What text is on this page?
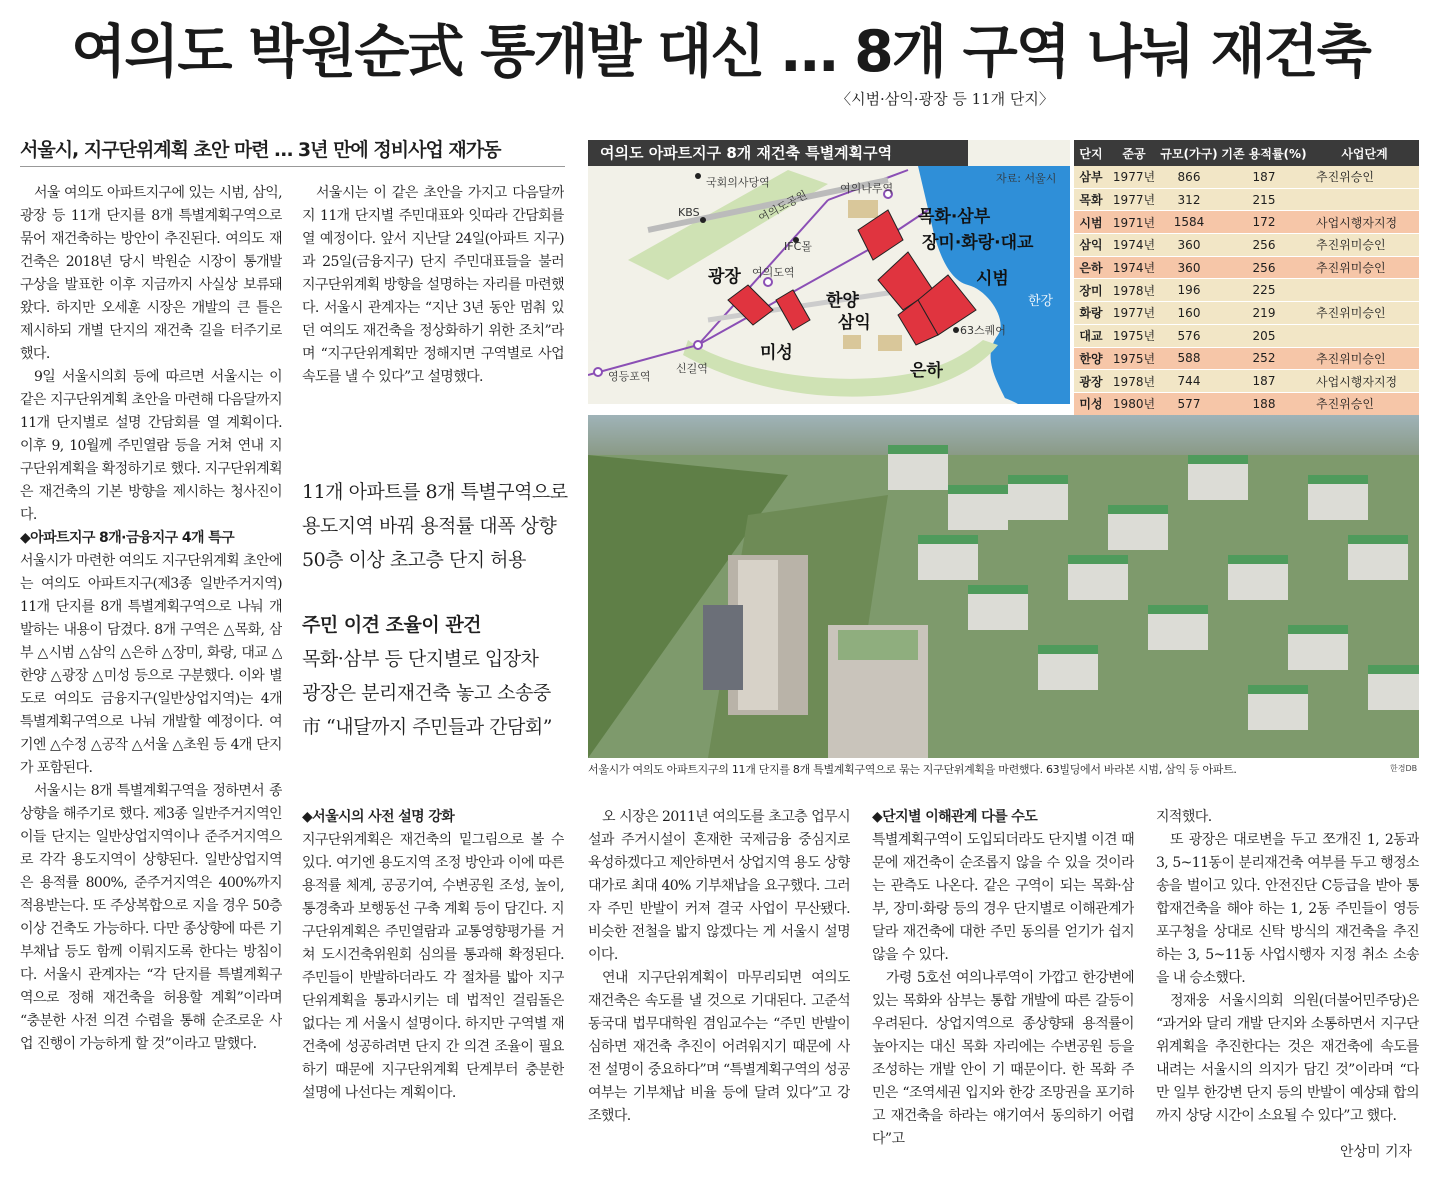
여의도 박원순式 통개발 대신 … 8개 구역 나눠 재건축
〈시범·삼익·광장 등 11개 단지〉
서울시, 지구단위계획 초안 마련 … 3년 만에 정비사업 재가동

서울 여의도 아파트지구에 있는 시범, 삼익, 광장 등 11개 단지를 8개 특별계획구역으로 묶어 재건축하는 방안이 추진된다. 여의도 재건축은 2018년 당시 박원순 시장이 통개발 구상을 발표한 이후 지금까지 사실상 보류돼 왔다. 하지만 오세훈 시장은 개발의 큰 틀은 제시하되 개별 단지의 재건축 길을 터주기로 했다.

9일 서울시의회 등에 따르면 서울시는 이 같은 지구단위계획 초안을 마련해 다음달까지 11개 단지별로 설명 간담회를 열 계획이다. 이후 9, 10월께 주민열람 등을 거쳐 연내 지구단위계획을 확정하기로 했다. 지구단위계획은 재건축의 기본 방향을 제시하는 청사진이다.

◆아파트지구 8개·금융지구 4개 특구

서울시가 마련한 여의도 지구단위계획 초안에는 여의도 아파트지구(제3종 일반주거지역) 11개 단지를 8개 특별계획구역으로 나눠 개발하는 내용이 담겼다. 8개 구역은 △목화, 삼부 △시범 △삼익 △은하 △장미, 화랑, 대교 △한양 △광장 △미성 등으로 구분했다. 이와 별도로 여의도 금융지구(일반상업지역)는 4개 특별계획구역으로 나눠 개발할 예정이다. 여기엔 △수정 △공작 △서울 △초원 등 4개 단지가 포함된다.

서울시는 8개 특별계획구역을 정하면서 종상향을 해주기로 했다. 제3종 일반주거지역인 이들 단지는 일반상업지역이나 준주거지역으로 각각 용도지역이 상향된다. 일반상업지역은 용적률 800%, 준주거지역은 400%까지 적용받는다. 또 주상복합으로 지을 경우 50층 이상 건축도 가능하다. 다만 종상향에 따른 기부채납 등도 함께 이뤄지도록 한다는 방침이다. 서울시 관계자는 “각 단지를 특별계획구역으로 정해 재건축을 허용할 계획”이라며 “충분한 사전 의견 수렴을 통해 순조로운 사업 진행이 가능하게 할 것”이라고 말했다.

서울시는 이 같은 초안을 가지고 다음달까지 11개 단지별 주민대표와 잇따라 간담회를 열 예정이다. 앞서 지난달 24일(아파트 지구)과 25일(금융지구) 단지 주민대표들을 불러 지구단위계획 방향을 설명하는 자리를 마련했다. 서울시 관계자는 “지난 3년 동안 멈춰 있던 여의도 재건축을 정상화하기 위한 조치”라며 “지구단위계획만 정해지면 구역별로 사업 속도를 낼 수 있다”고 설명했다.

11개 아파트를 8개 특별구역으로
용도지역 바꿔 용적률 대폭 상향
50층 이상 초고층 단지 허용
주민 이견 조율이 관건
목화·삼부 등 단지별로 입장차
광장은 분리재건축 놓고 소송중
市 “내달까지 주민들과 간담회”

◆서울시의 사전 설명 강화

지구단위계획은 재건축의 밑그림으로 볼 수 있다. 여기엔 용도지역 조정 방안과 이에 따른 용적률 체계, 공공기여, 수변공원 조성, 높이, 통경축과 보행동선 구축 계획 등이 담긴다. 지구단위계획은 주민열람과 교통영향평가를 거쳐 도시건축위원회 심의를 통과해 확정된다. 주민들이 반발하더라도 각 절차를 밟아 지구단위계획을 통과시키는 데 법적인 걸림돌은 없다는 게 서울시 설명이다. 하지만 구역별 재건축에 성공하려면 단지 간 의견 조율이 필요하기 때문에 지구단위계획 단계부터 충분한 설명에 나선다는 계획이다.

국회의사당역
KBS	여의도공원
IFC몰
여의나루역
여의도역
신길역
영등포역
한강
63스퀘어
자료: 서울시
목화·삼부
장미·화랑·대교
시범
광장
한양
삼익
미성
은하
여의도 아파트지구 8개 재건축 특별계획구역	단지	준공	규모(가구)	기존 용적률(%)	사업단계
삼부	1977년	866	187	추진위승인
목화	1977년	312	215	
시범	1971년	1584	172	사업시행자지정
삼익	1974년	360	256	추진위미승인
은하	1974년	360	256	추진위미승인
장미	1978년	196	225	
화랑	1977년	160	219	추진위미승인
대교	1975년	576	205	
한양	1975년	588	252	추진위미승인
광장	1978년	744	187	사업시행자지정
미성	1980년	577	188	추진위승인
서울시가 여의도 아파트지구의 11개 단지를 8개 특별계획구역으로 묶는 지구단위계획을 마련했다. 63빌딩에서 바라본 시범, 삼익 등 아파트.	한경DB

오 시장은 2011년 여의도를 초고층 업무시설과 주거시설이 혼재한 국제금융 중심지로 육성하겠다고 제안하면서 상업지역 용도 상향 대가로 최대 40% 기부채납을 요구했다. 그러자 주민 반발이 커져 결국 사업이 무산됐다. 비슷한 전철을 밟지 않겠다는 게 서울시 설명이다.

연내 지구단위계획이 마무리되면 여의도 재건축은 속도를 낼 것으로 기대된다. 고준석 동국대 법무대학원 겸임교수는 “주민 반발이 심하면 재건축 추진이 어려워지기 때문에 사전 설명이 중요하다”며 “특별계획구역의 성공 여부는 기부채납 비율 등에 달려 있다”고 강조했다.

◆단지별 이해관계 다를 수도

특별계획구역이 도입되더라도 단지별 이견 때문에 재건축이 순조롭지 않을 수 있을 것이라는 관측도 나온다. 같은 구역이 되는 목화·삼부, 장미·화랑 등의 경우 단지별로 이해관계가 달라 재건축에 대한 주민 동의를 얻기가 쉽지 않을 수 있다.

가령 5호선 여의나루역이 가깝고 한강변에 있는 목화와 삼부는 통합 개발에 따른 갈등이 우려된다. 상업지역으로 종상향돼 용적률이 높아지는 대신 목화 자리에는 수변공원 등을 조성하는 개발 안이 기 때문이다. 한 목화 주민은 “조역세권 입지와 한강 조망권을 포기하고 재건축을 하라는 얘기여서 동의하기 어렵다”고

지적했다.

또 광장은 대로변을 두고 쪼개진 1, 2동과 3, 5~11동이 분리재건축 여부를 두고 행정소송을 벌이고 있다. 안전진단 C등급을 받아 통합재건축을 해야 하는 1, 2동 주민들이 영등포구청을 상대로 신탁 방식의 재건축을 추진하는 3, 5~11동 사업시행자 지정 취소 소송을 내 승소했다.

정재웅 서울시의회 의원(더불어민주당)은 “과거와 달리 개발 단지와 소통하면서 지구단위계획을 추진한다는 것은 재건축에 속도를 내려는 서울시의 의지가 담긴 것”이라며 “다만 일부 한강변 단지 등의 반발이 예상돼 합의까지 상당 시간이 소요될 수 있다”고 했다.

안상미 기자
